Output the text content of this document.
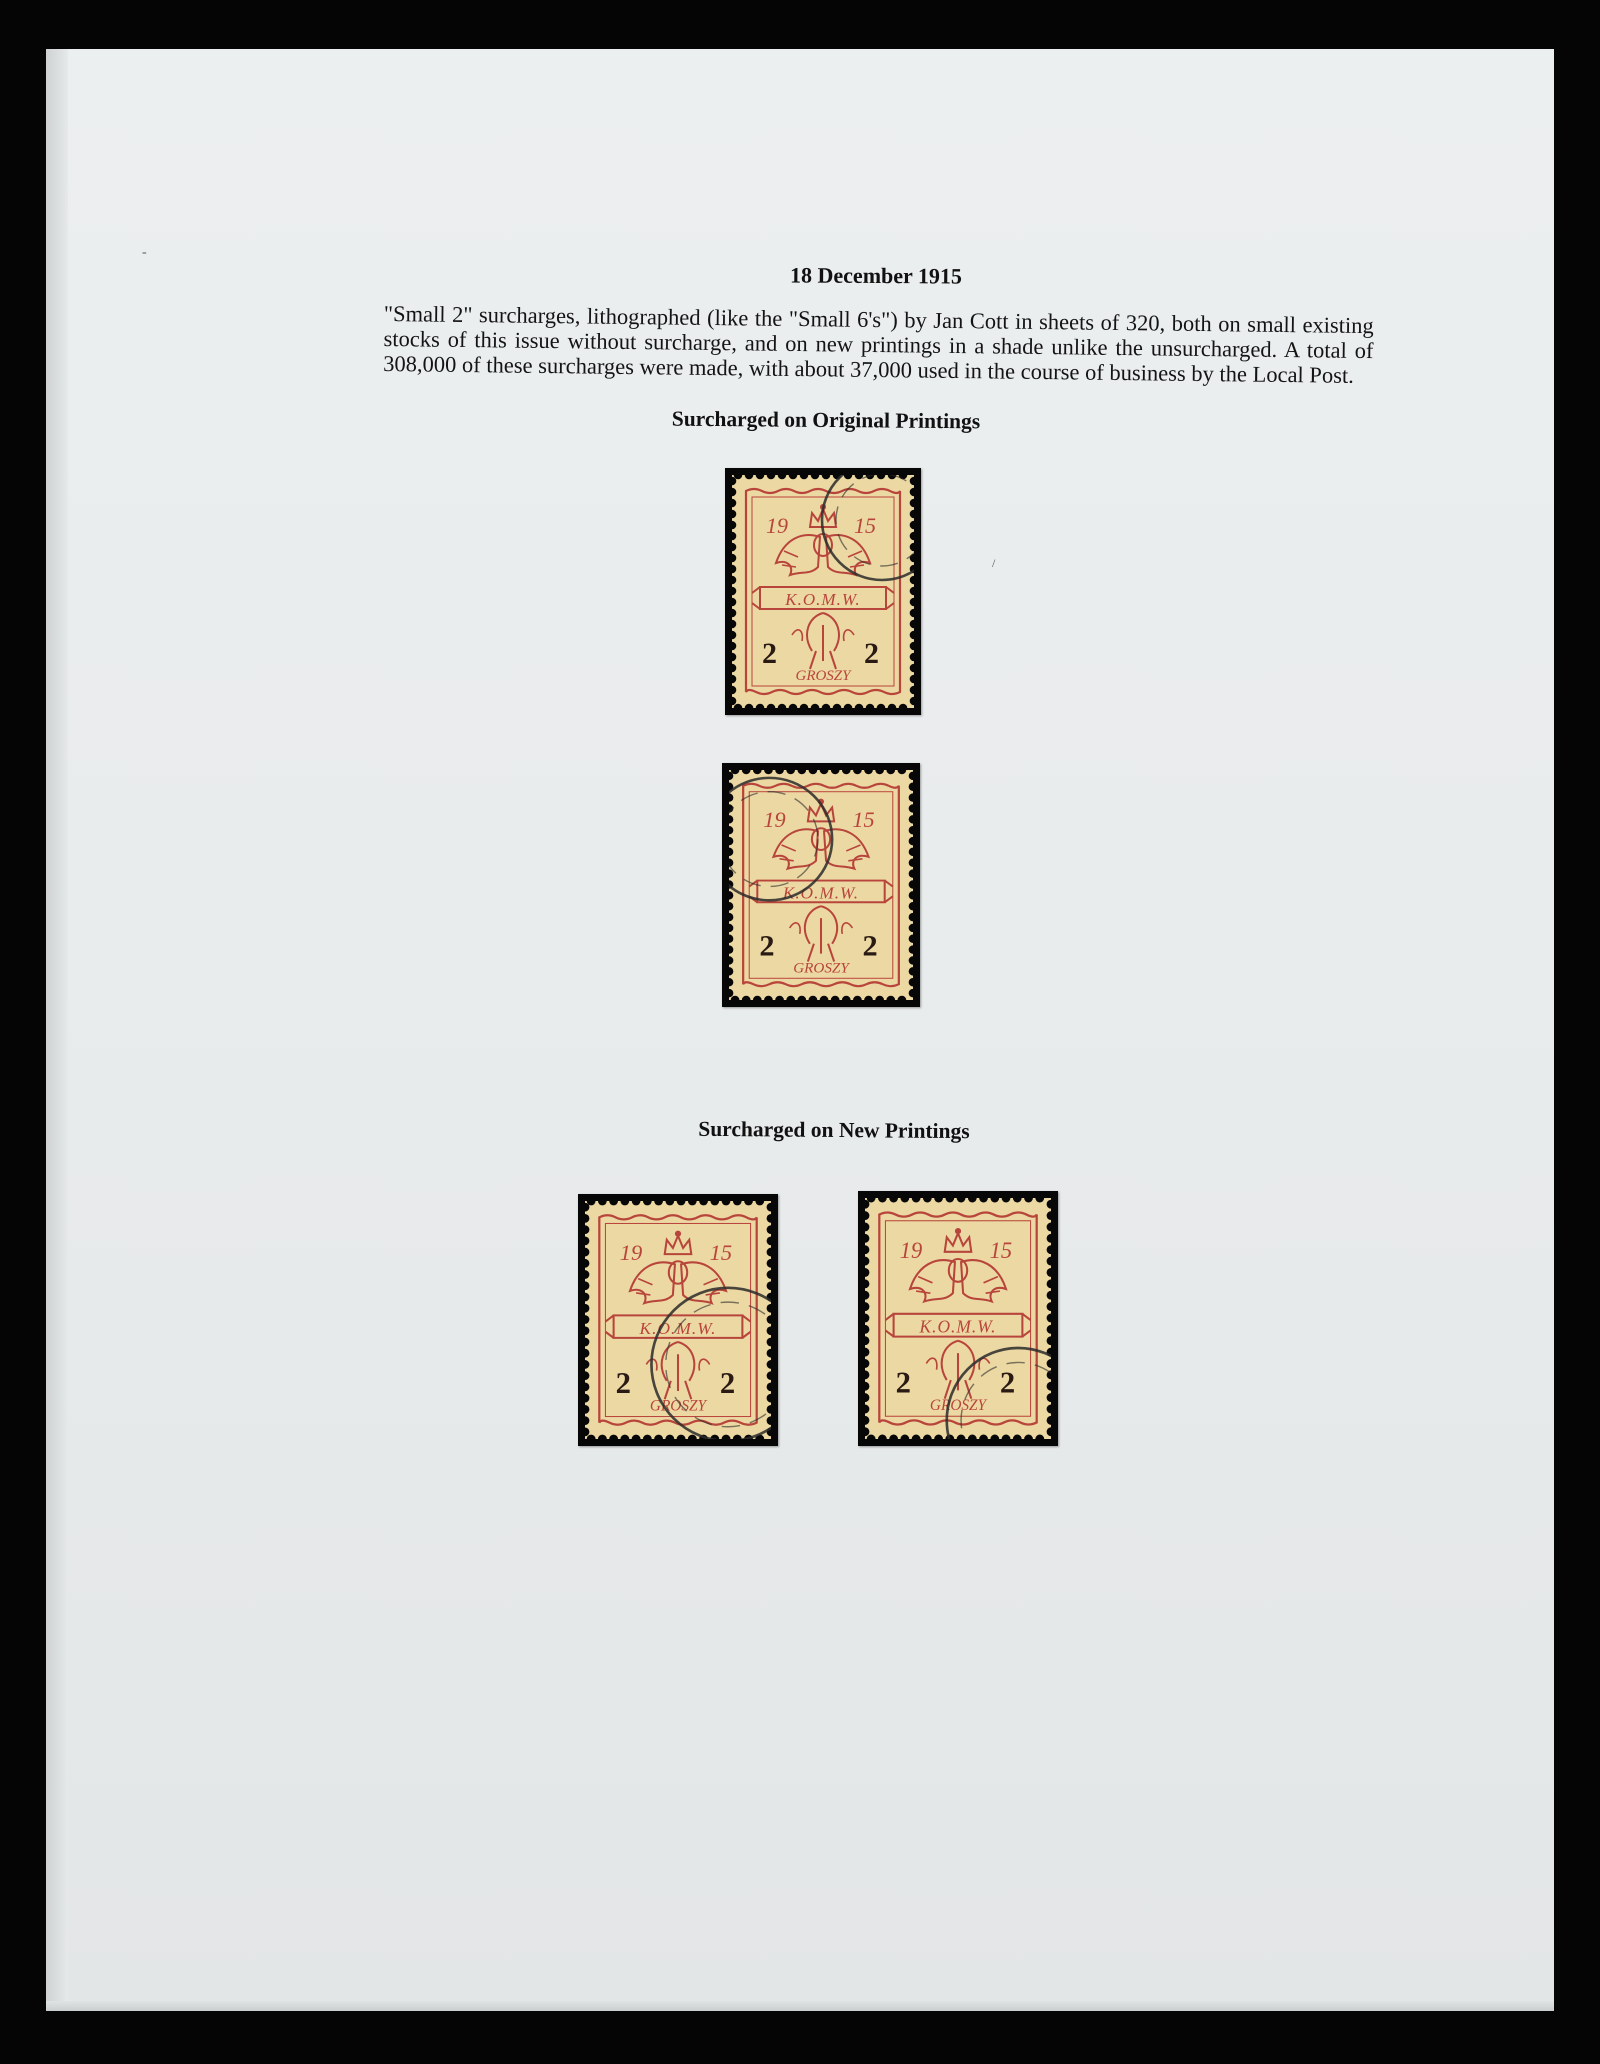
18 December 1915
"Small 2" surcharges, lithographed (like the "Small 6's") by Jan Cott in sheets of 320, both on small existing stocks of this issue without surcharge, and on new printings in a shade unlike the unsurcharged. A total of 308,000 of these surcharges were made, with about 37,000 used in the course of business by the Local Post.
Surcharged on Original Printings
Surcharged on New Printings
19	15
K.O.M.W.
GROSZY
2	2
19	15
K.O.M.W.
GROSZY
2	2
19	15
K.O.M.W.
GROSZY
2	2
19	15
K.O.M.W.
GROSZY
2	2
-
/
